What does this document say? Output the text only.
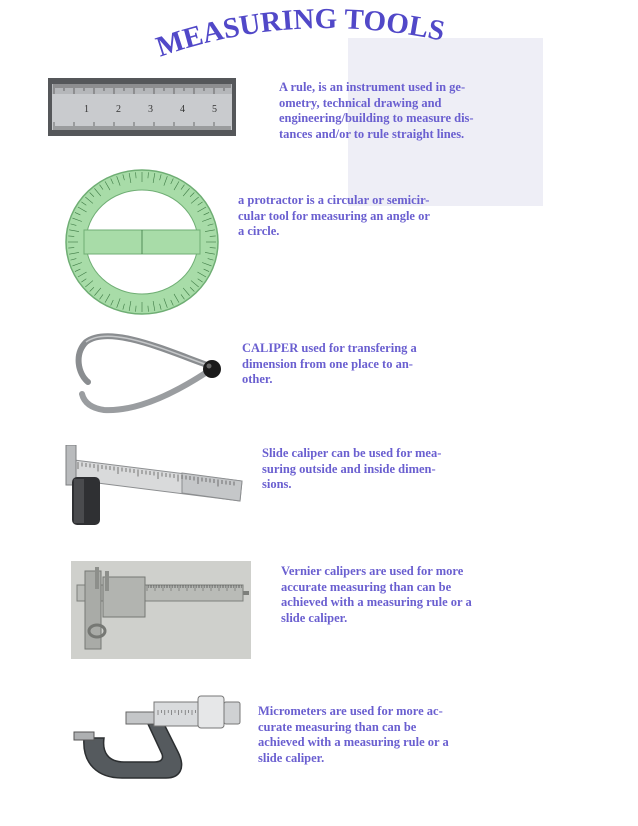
MEASURING TOOLS
1	2	3	4	5

A rule, is an instrument used in ge-
ometry, technical drawing and
engineering/building to measure dis-
tances and/or to rule straight lines.

a protractor is a circular or semicir-
cular tool for measuring an angle or
a circle.

CALIPER used for transfering a
dimension from one place to an-
other.

Slide caliper can be used for mea-
suring outside and inside dimen-
sions.

Vernier calipers are used for more
accurate measuring than can be
achieved with a measuring rule or a
slide caliper.

Micrometers are used for more ac-
curate measuring than can be
achieved with a measuring rule or a
slide caliper.
